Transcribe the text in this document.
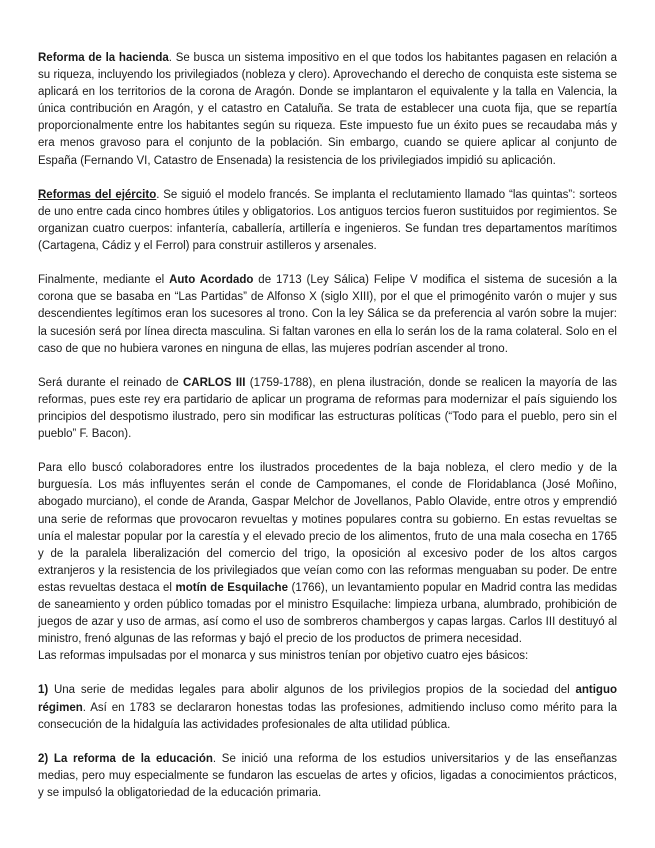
Reforma de la hacienda. Se busca un sistema impositivo en el que todos los habitantes pagasen en relación a su riqueza, incluyendo los privilegiados (nobleza y clero). Aprovechando el derecho de conquista este sistema se aplicará en los territorios de la corona de Aragón. Donde se implantaron el equivalente y la talla en Valencia, la única contribución en Aragón, y el catastro en Cataluña. Se trata de establecer una cuota fija, que se repartía proporcionalmente entre los habitantes según su riqueza. Este impuesto fue un éxito pues se recaudaba más y era menos gravoso para el conjunto de la población. Sin embargo, cuando se quiere aplicar al conjunto de España (Fernando VI, Catastro de Ensenada) la resistencia de los privilegiados impidió su aplicación.

Reformas del ejército. Se siguió el modelo francés. Se implanta el reclutamiento llamado “las quintas”: sorteos de uno entre cada cinco hombres útiles y obligatorios. Los antiguos tercios fueron sustituidos por regimientos. Se organizan cuatro cuerpos: infantería, caballería, artillería e ingenieros. Se fundan tres departamentos marítimos (Cartagena, Cádiz y el Ferrol) para construir astilleros y arsenales.

Finalmente, mediante el Auto Acordado de 1713 (Ley Sálica) Felipe V modifica el sistema de sucesión a la corona que se basaba en “Las Partidas” de Alfonso X (siglo XIII), por el que el primogénito varón o mujer y sus descendientes legítimos eran los sucesores al trono. Con la ley Sálica se da preferencia al varón sobre la mujer: la sucesión será por línea directa masculina. Si faltan varones en ella lo serán los de la rama colateral. Solo en el caso de que no hubiera varones en ninguna de ellas, las mujeres podrían ascender al trono.

Será durante el reinado de CARLOS III (1759-1788), en plena ilustración, donde se realicen la mayoría de las reformas, pues este rey era partidario de aplicar un programa de reformas para modernizar el país siguiendo los principios del despotismo ilustrado, pero sin modificar las estructuras políticas (“Todo para el pueblo, pero sin el pueblo” F. Bacon).

Para ello buscó colaboradores entre los ilustrados procedentes de la baja nobleza, el clero medio y de la burguesía. Los más influyentes serán el conde de Campomanes, el conde de Floridablanca (José Moñino, abogado murciano), el conde de Aranda, Gaspar Melchor de Jovellanos, Pablo Olavide, entre otros y emprendió una serie de reformas que provocaron revueltas y motines populares contra su gobierno. En estas revueltas se unía el malestar popular por la carestía y el elevado precio de los alimentos, fruto de una mala cosecha en 1765 y de la paralela liberalización del comercio del trigo, la oposición al excesivo poder de los altos cargos extranjeros y la resistencia de los privilegiados que veían como con las reformas menguaban su poder. De entre estas revueltas destaca el motín de Esquilache (1766), un levantamiento popular en Madrid contra las medidas de saneamiento y orden público tomadas por el ministro Esquilache: limpieza urbana, alumbrado, prohibición de juegos de azar y uso de armas, así como el uso de sombreros chambergos y capas largas. Carlos III destituyó al ministro, frenó algunas de las reformas y bajó el precio de los productos de primera necesidad.

Las reformas impulsadas por el monarca y sus ministros tenían por objetivo cuatro ejes básicos:

1) Una serie de medidas legales para abolir algunos de los privilegios propios de la sociedad del antiguo régimen. Así en 1783 se declararon honestas todas las profesiones, admitiendo incluso como mérito para la consecución de la hidalguía las actividades profesionales de alta utilidad pública.

2) La reforma de la educación. Se inició una reforma de los estudios universitarios y de las enseñanzas medias, pero muy especialmente se fundaron las escuelas de artes y oficios, ligadas a conocimientos prácticos, y se impulsó la obligatoriedad de la educación primaria.
